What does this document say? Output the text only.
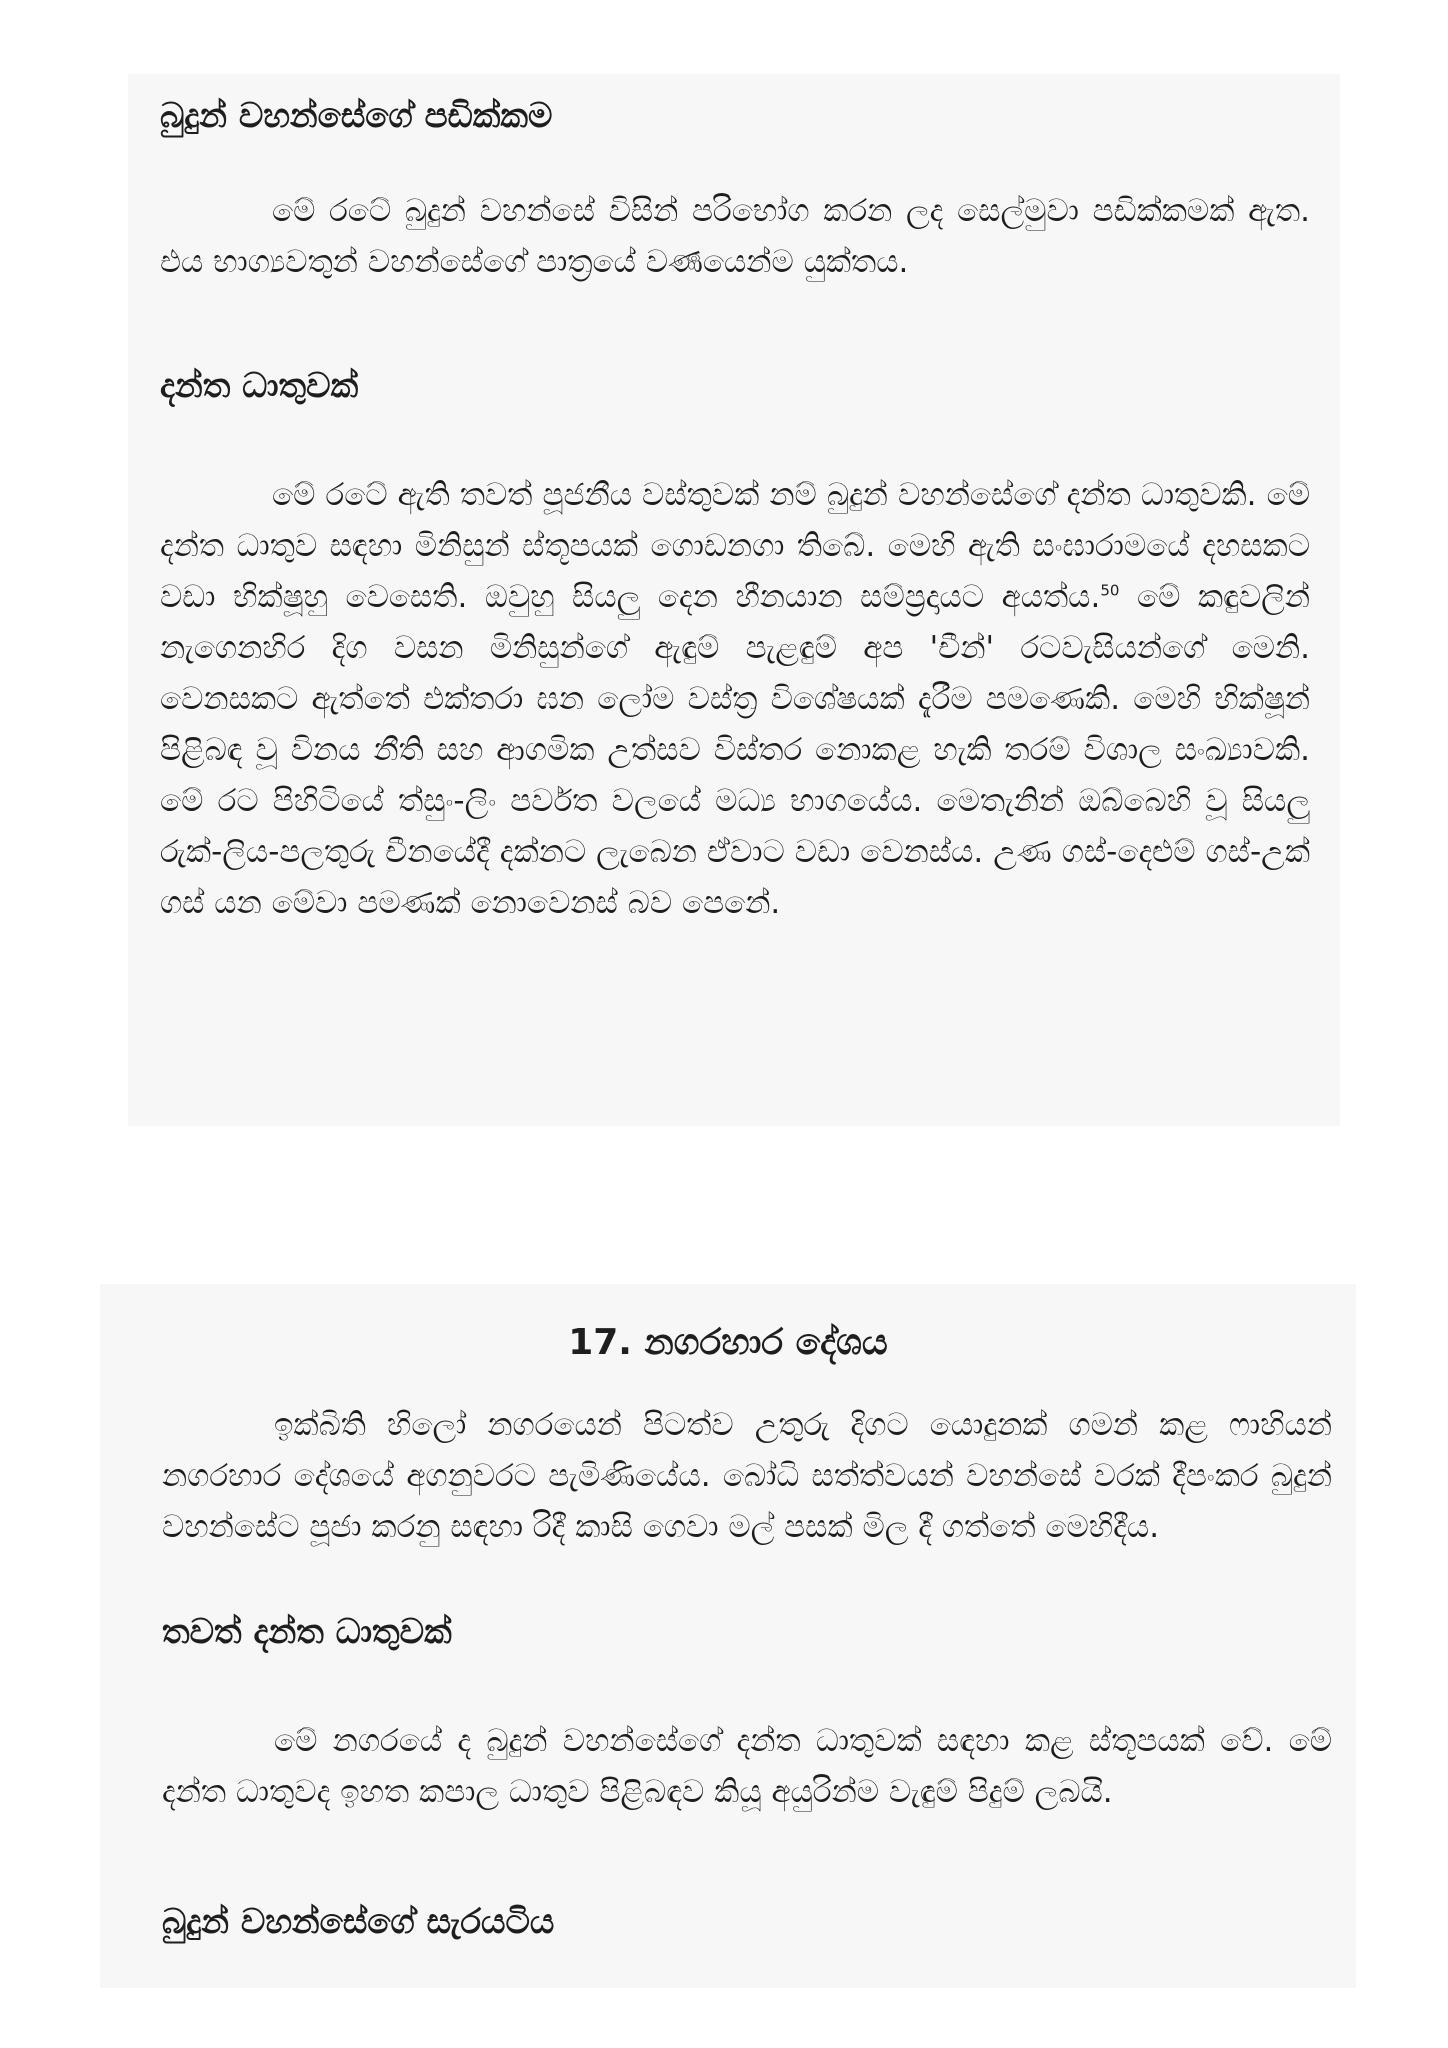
බුදුන් වහන්සේගේ පඩික්කම

මේ රටේ බුදුන් වහන්සේ විසින් පරිභෝග කරන ලද සෙල්මුවා පඩික්කමක් ඇත. එය භාග්‍යවතුන් වහන්සේගේ පාත්‍රයේ වර්‍ණයෙන්ම යුක්තය.

දන්ත ධාතුවක්

මේ රටේ ඇති තවත් පූජනීය වස්තුවක් නම් බුදුන් වහන්සේගේ දන්ත ධාතුවකි. මේ දන්ත ධාතුව සඳහා මිනිසුන් ස්තූපයක් ගොඩනගා තිබේ. මෙහි ඇති සංඝාරාමයේ දහසකට වඩා භික්ෂූහු වෙසෙති. ඔවුහු සියලු දෙන හීනයාන සම්ප්‍රදායට අයත්ය.$^{50}$ මේ කඳුවලින් නැගෙනහිර දිග වසන මිනිසුන්ගේ ඇඳුම් පැළඳුම් අප 'චීන්' රටවැසියන්ගේ මෙනි. වෙනසකට ඇත්තේ එක්තරා ඝන ලෝම වස්ත්‍ර විශේෂයක් දැරීම පමණෙකි. මෙහි භික්ෂූන් පිළිබඳ වූ විනය නීති සහ ආගමික උත්සව විස්තර නොකළ හැකි තරම් විශාල සංඛ්‍යාවකි. මේ රට පිහිටියේ ත්සුං-ලිං පර්වත වලයේ මධ්‍ය භාගයේය. මෙතැනින් ඔබ්බෙහි වූ සියලු රුක්-ලිය-පලතුරු චීනයේදී දක්නට ලැබෙන ඒවාට වඩා වෙනස්ය. උණ ගස්-දෙළුම් ගස්-උක් ගස් යන මේවා පමණක් නොවෙනස් බව පෙනේ.

17. නගරහාර දේශය

ඉක්බිති හිලෝ නගරයෙන් පිටත්ව උතුරු දිගට යොදුනක් ගමන් කළ ෆාහියන් නගරහාර දේශයේ අගනුවරට පැමිණියේය. බෝධි සත්ත්වයන් වහන්සේ වරක් දීපංකර බුදුන් වහන්සේට පූජා කරනු සඳහා රිදී කාසි ගෙවා මල් පසක් මිල දී ගත්තේ මෙහිදීය.

තවත් දන්ත ධාතුවක්

මේ නගරයේ ද බුදුන් වහන්සේගේ දන්ත ධාතුවක් සඳහා කළ ස්තූපයක් වේ. මේ දන්ත ධාතුවද ඉහත කපාල ධාතුව පිළිබඳව කියූ අයුරින්ම වැඳුම් පිදුම් ලබයි.

බුදුන් වහන්සේගේ සැරයටිය
